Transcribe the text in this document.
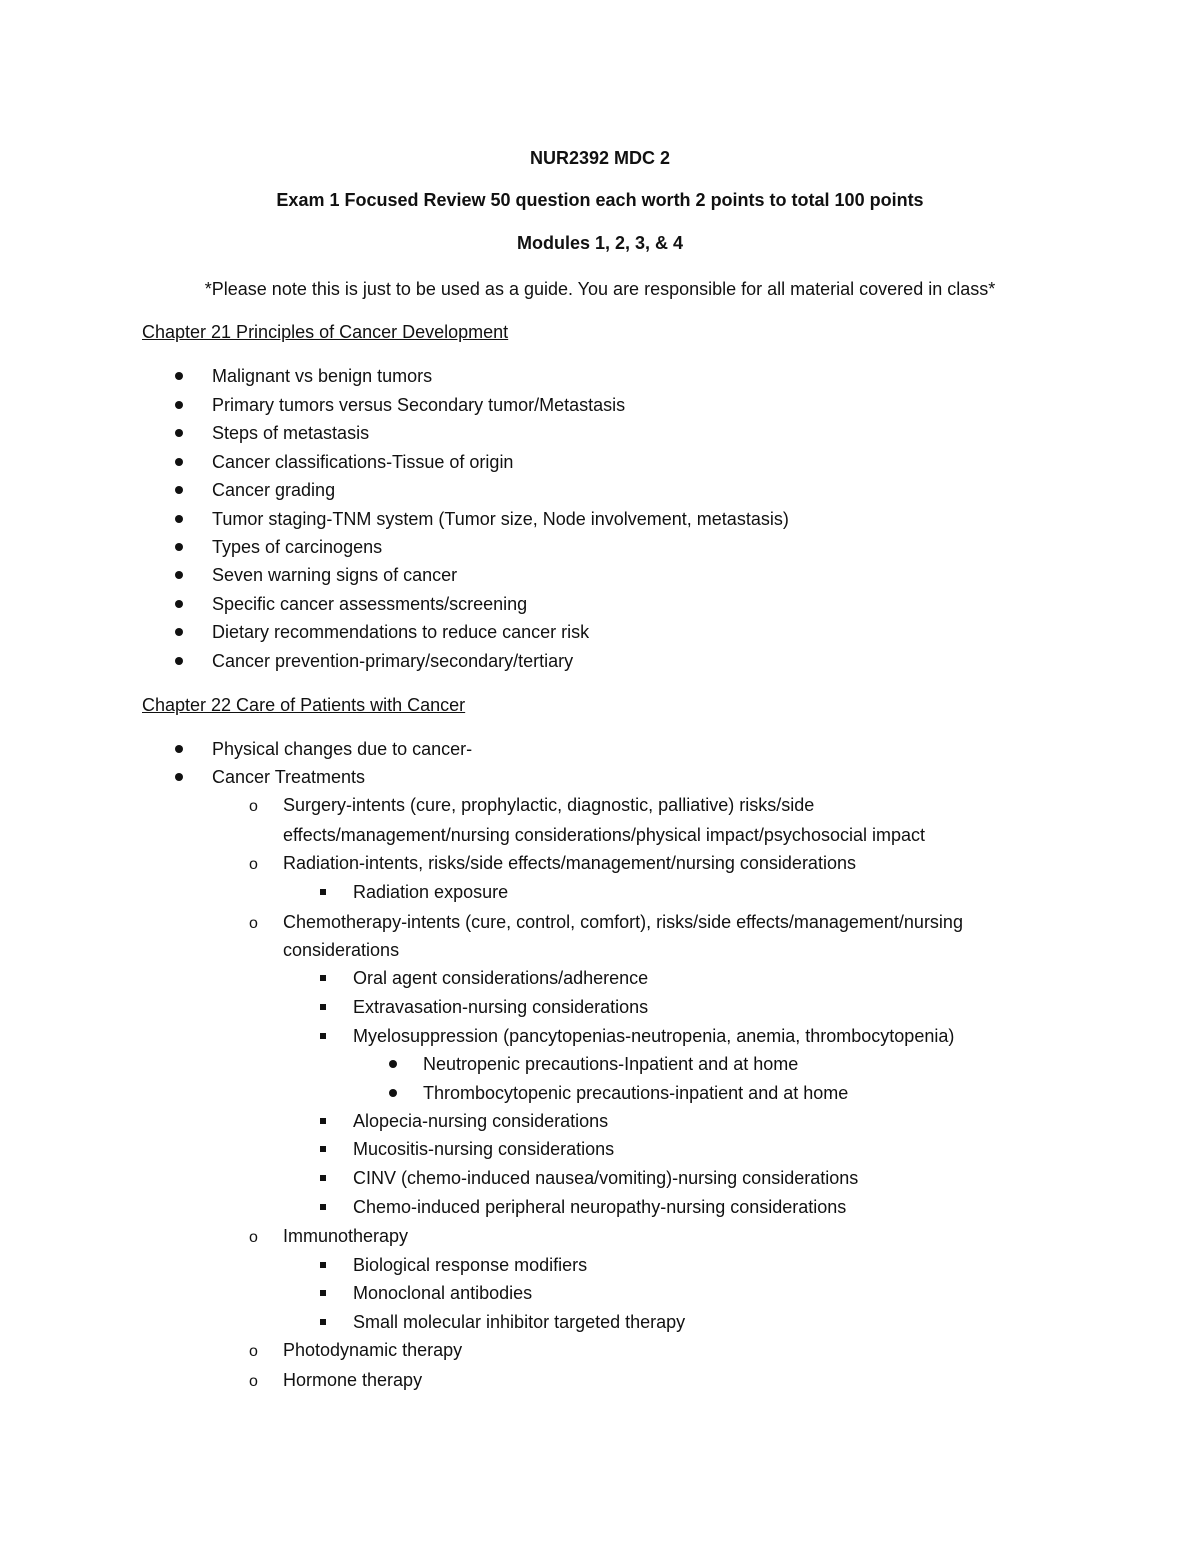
NUR2392 MDC 2
Exam 1 Focused Review 50 question each worth 2 points to total 100 points
Modules 1, 2, 3, & 4
*Please note this is just to be used as a guide. You are responsible for all material covered in class*
Chapter 21 Principles of Cancer Development
Malignant vs benign tumors
Primary tumors versus Secondary tumor/Metastasis
Steps of metastasis
Cancer classifications-Tissue of origin
Cancer grading
Tumor staging-TNM system (Tumor size, Node involvement, metastasis)
Types of carcinogens
Seven warning signs of cancer
Specific cancer assessments/screening
Dietary recommendations to reduce cancer risk
Cancer prevention-primary/secondary/tertiary
Chapter 22 Care of Patients with Cancer
Physical changes due to cancer-
Cancer Treatments
o Surgery-intents (cure, prophylactic, diagnostic, palliative) risks/side
effects/management/nursing considerations/physical impact/psychosocial impact
o Radiation-intents, risks/side effects/management/nursing considerations
Radiation exposure
o Chemotherapy-intents (cure, control, comfort), risks/side effects/management/nursing
considerations
Oral agent considerations/adherence
Extravasation-nursing considerations
Myelosuppression (pancytopenias-neutropenia, anemia, thrombocytopenia)
Neutropenic precautions-Inpatient and at home
Thrombocytopenic precautions-inpatient and at home
Alopecia-nursing considerations
Mucositis-nursing considerations
CINV (chemo-induced nausea/vomiting)-nursing considerations
Chemo-induced peripheral neuropathy-nursing considerations
o Immunotherapy
Biological response modifiers
Monoclonal antibodies
Small molecular inhibitor targeted therapy
o Photodynamic therapy
o Hormone therapy
